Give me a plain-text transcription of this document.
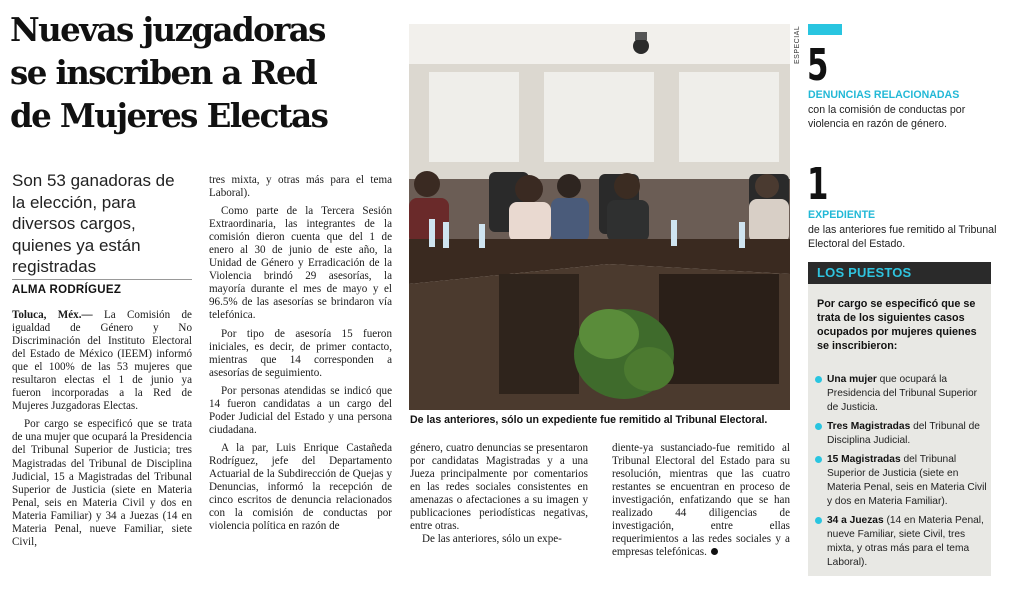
Nuevas juzgadoras
se inscriben a Red
de Mujeres Electas
Son 53 ganadoras de la elección, para diversos cargos, quienes ya están registradas
ALMA RODRÍGUEZ

Toluca, Méx.— La Comisión de igualdad de Género y No Discriminación del Instituto Electoral del Estado de México (IEEM) informó que el 100% de las 53 mujeres que resultaron electas el 1 de junio ya fueron incorporadas a la Red de Mujeres Juzgadoras Electas.

Por cargo se especificó que se trata de una mujer que ocupará la Presidencia del Tribunal Superior de Justicia; tres Magistradas del Tribunal de Disciplina Judicial, 15 a Magistradas del Tribunal Superior de Justicia (siete en Materia Penal, seis en Materia Civil y dos en Materia Familiar) y 34 a Juezas (14 en Materia Penal, nueve Familiar, siete Civil,

tres mixta, y otras más para el tema Laboral).

Como parte de la Tercera Sesión Extraordinaria, las integrantes de la comisión dieron cuenta que del 1 de enero al 30 de junio de este año, la Unidad de Género y Erradicación de la Violencia brindó 29 asesorías, la mayoría durante el mes de mayo y el 96.5% de las asesorías se brindaron vía telefónica.

Por tipo de asesoría 15 fueron iniciales, es decir, de primer contacto, mientras que 14 corresponden a asesorías de seguimiento.

Por personas atendidas se indicó que 14 fueron candidatas a un cargo del Poder Judicial del Estado y una persona ciudadana.

A la par, Luis Enrique Castañeda Rodríguez, jefe del Departamento Actuarial de la Subdirección de Quejas y Denuncias, informó la recepción de cinco escritos de denuncia relacionados con la comisión de conductas por violencia política en razón de

De las anteriores, sólo un expediente fue remitido al Tribunal Electoral.

género, cuatro denuncias se presentaron por candidatas Magistradas y a una Jueza principalmente por comentarios en las redes sociales consistentes en amenazas o afectaciones a su imagen y publicaciones periodísticas negativas, entre otras.

De las anteriores, sólo un expe-

diente-ya sustanciado-fue remitido al Tribunal Electoral del Estado para su resolución, mientras que las cuatro restantes se encuentran en proceso de investigación, enfatizando que se han realizado 44 diligencias de investigación, entre ellas requerimientos a las redes sociales y a empresas telefónicas.

ESPECIAL 5
DENUNCIAS RELACIONADAS
con la comisión de conductas por violencia en razón de género.
1
EXPEDIENTE
de las anteriores fue remitido al Tribunal Electoral del Estado.
LOS PUESTOS
Por cargo se especificó que se trata de los siguientes casos ocupados por mujeres quienes se inscribieron:
Una mujer que ocupará la Presidencia del Tribunal Superior de Justicia.
Tres Magistradas del Tribunal de Disciplina Judicial.
15 Magistradas del Tribunal Superior de Justicia (siete en Materia Penal, seis en Materia Civil y dos en Materia Familiar).
34 a Juezas (14 en Materia Penal, nueve Familiar, siete Civil, tres mixta, y otras más para el tema Laboral).
